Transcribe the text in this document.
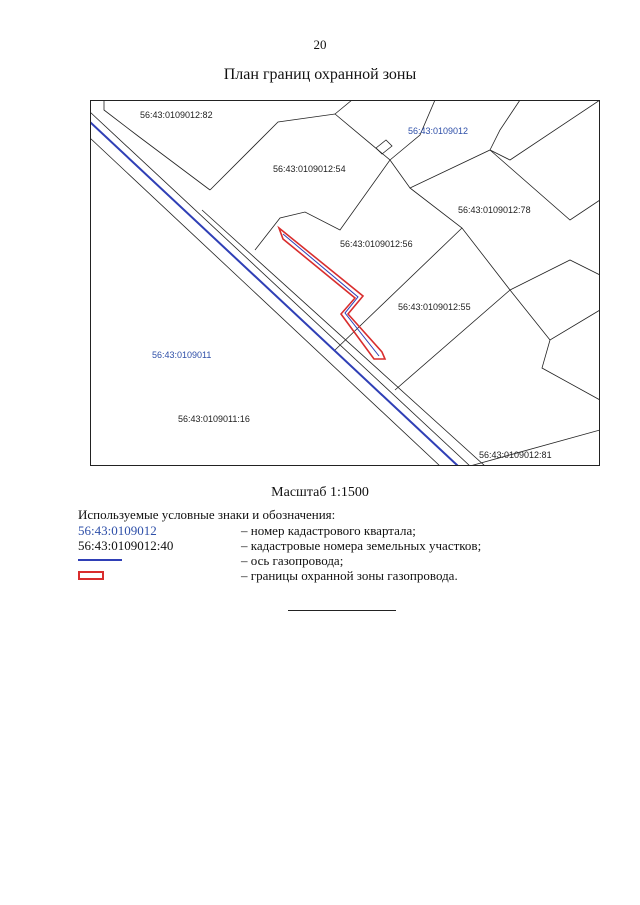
20
План границ охранной зоны
56:43:0109012:82
56:43:0109012
56:43:0109012:54
56:43:0109012:78
56:43:0109012:56
56:43:0109012:55
56:43:0109011
56:43:0109011:16
56:43:0109012:81
Масштаб 1:1500
Используемые условные знаки и обозначения:
56:43:0109012	– номер кадастрового квартала;
56:43:0109012:40	– кадастровые номера земельных участков;
– ось газопровода;
– границы охранной зоны газопровода.
